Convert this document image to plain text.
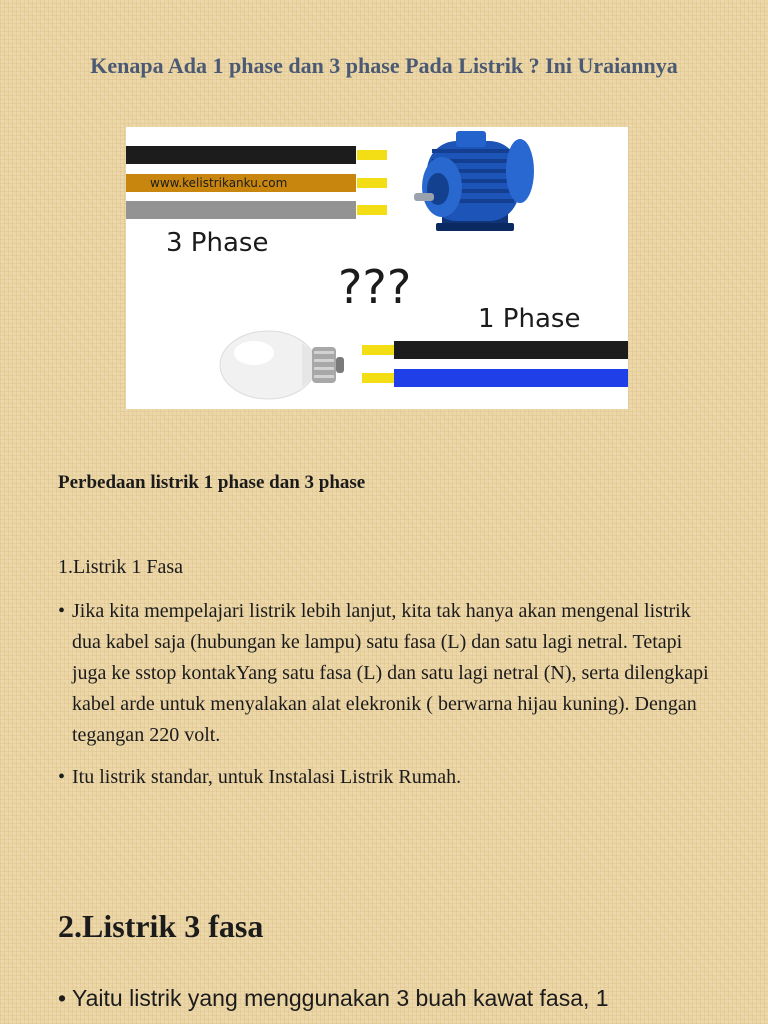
Kenapa Ada 1 phase dan 3 phase Pada Listrik ? Ini Uraiannya
www.kelistrikanku.com
3 Phase
???
1 Phase
Perbedaan listrik 1 phase dan 3 phase
1.Listrik 1 Fasa
• Jika kita mempelajari listrik lebih lanjut, kita tak hanya akan mengenal listrik dua kabel saja (hubungan ke lampu) satu fasa (L) dan satu lagi netral. Tetapi juga ke sstop kontakYang satu fasa (L) dan satu lagi netral (N), serta dilengkapi kabel arde untuk menyalakan alat elekronik ( berwarna hijau kuning). Dengan tegangan 220 volt.
• Itu listrik standar, untuk Instalasi Listrik Rumah.
2.Listrik 3 fasa
• Yaitu listrik yang menggunakan 3 buah kawat fasa, 1
